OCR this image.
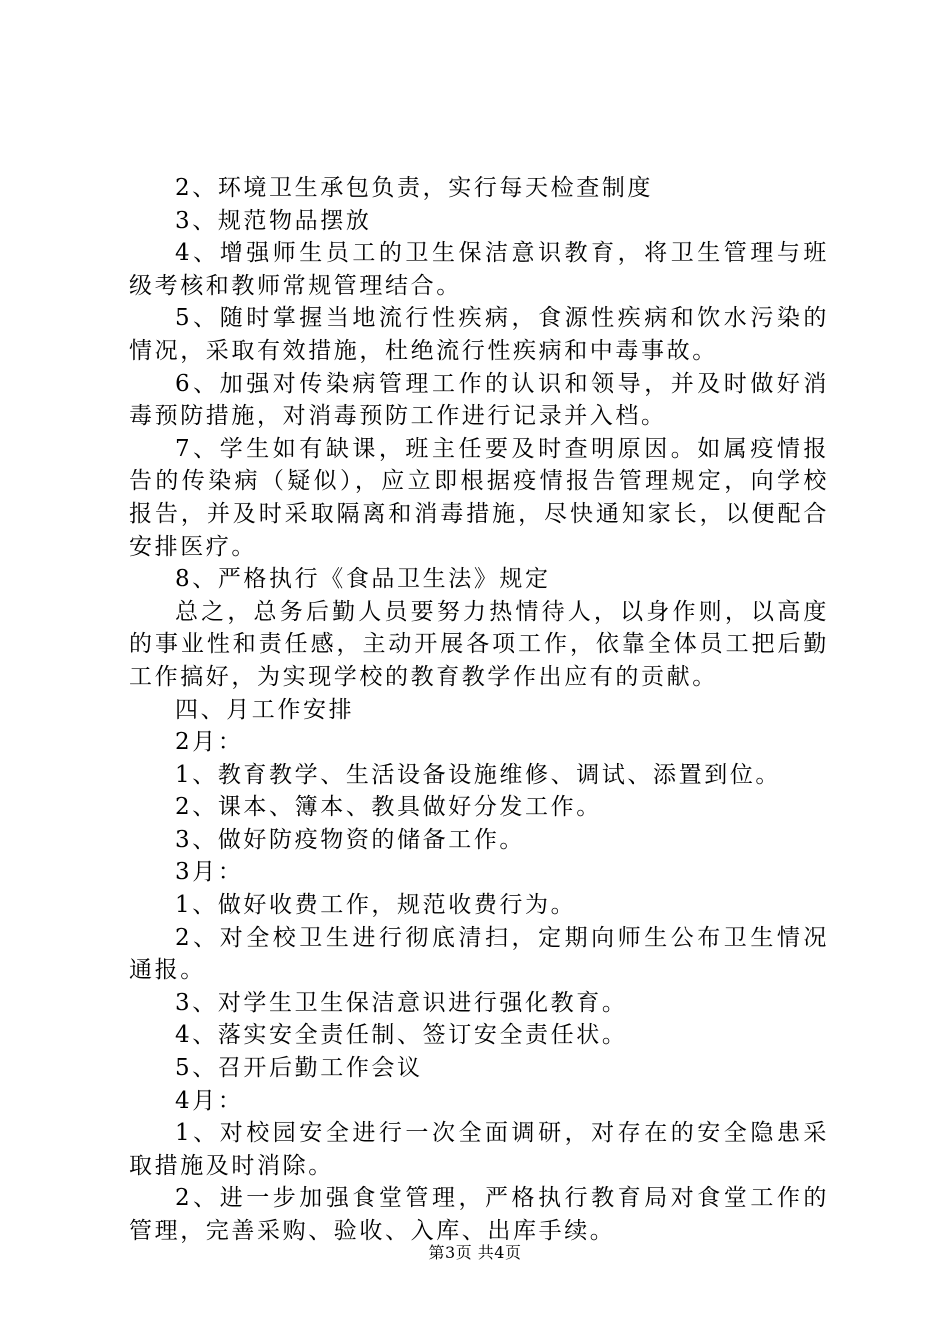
2、环境卫生承包负责，实行每天检查制度

3、规范物品摆放

4、增强师生员工的卫生保洁意识教育，将卫生管理与班级考核和教师常规管理结合。

5、随时掌握当地流行性疾病，食源性疾病和饮水污染的情况，采取有效措施，杜绝流行性疾病和中毒事故。

6、加强对传染病管理工作的认识和领导，并及时做好消毒预防措施，对消毒预防工作进行记录并入档。

7、学生如有缺课，班主任要及时查明原因。如属疫情报告的传染病（疑似），应立即根据疫情报告管理规定，向学校报告，并及时采取隔离和消毒措施，尽快通知家长，以便配合安排医疗。

8、严格执行《食品卫生法》规定

总之，总务后勤人员要努力热情待人，以身作则，以高度的事业性和责任感，主动开展各项工作，依靠全体员工把后勤工作搞好，为实现学校的教育教学作出应有的贡献。

四、月工作安排

2月：

1、教育教学、生活设备设施维修、调试、添置到位。

2、课本、簿本、教具做好分发工作。

3、做好防疫物资的储备工作。

3月：

1、做好收费工作，规范收费行为。

2、对全校卫生进行彻底清扫，定期向师生公布卫生情况通报。

3、对学生卫生保洁意识进行强化教育。

4、落实安全责任制、签订安全责任状。

5、召开后勤工作会议

4月：

1、对校园安全进行一次全面调研，对存在的安全隐患采取措施及时消除。

2、进一步加强食堂管理，严格执行教育局对食堂工作的管理，完善采购、验收、入库、出库手续。

第3页 共4页
